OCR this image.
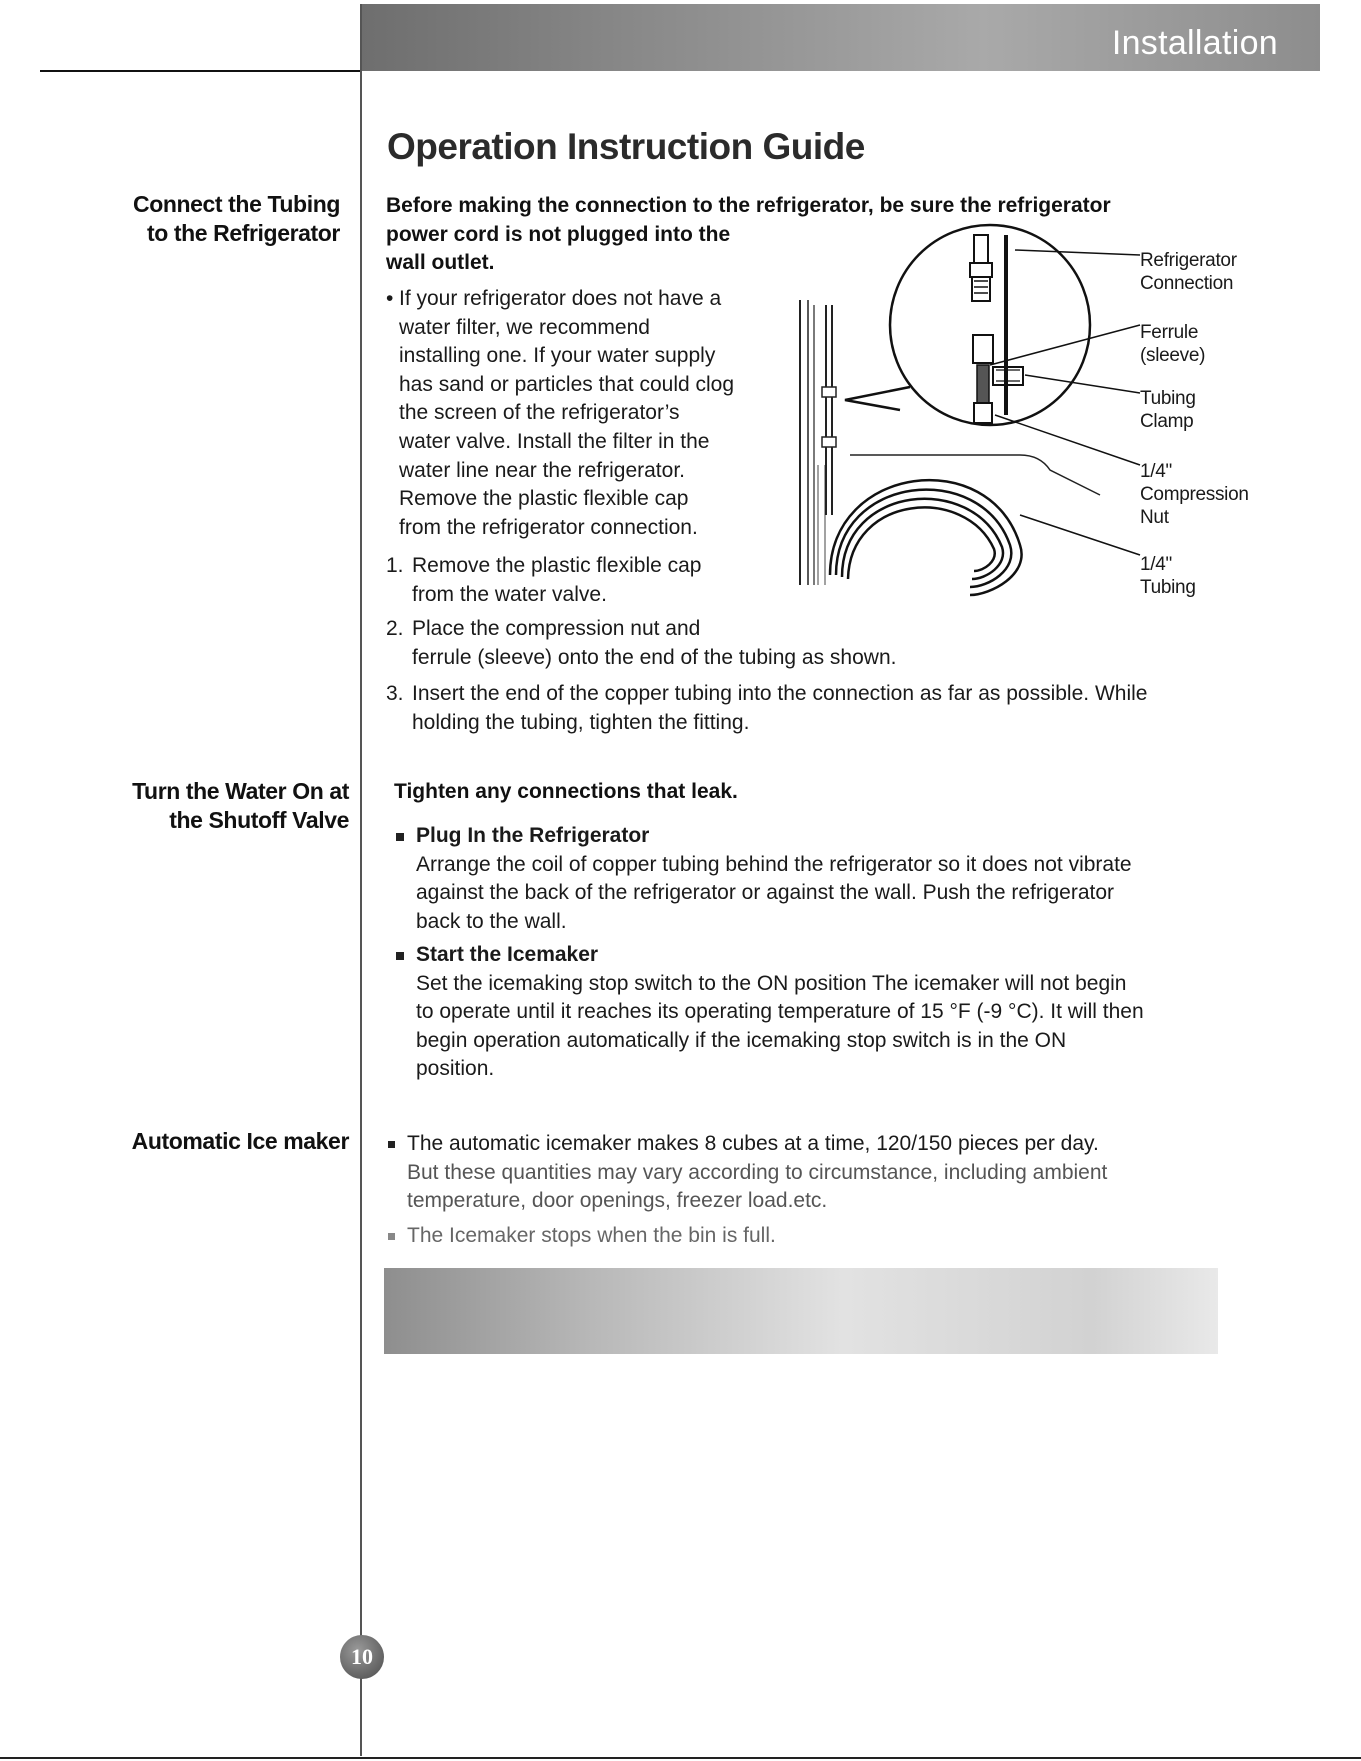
Installation
Operation Instruction Guide
Connect the Tubing
to the Refrigerator
Turn the Water On at
the Shutoff Valve
Automatic Ice maker
Before making the connection to the refrigerator, be sure the refrigerator

power cord is not plugged into the
wall outlet.
• If your refrigerator does not have a
water filter, we recommend
installing one. If your water supply
has sand or particles that could clog
the screen of the refrigerator’s
water valve. Install the filter in the
water line near the refrigerator.
Remove the plastic flexible cap
from the refrigerator connection.
1. Remove the plastic flexible cap
from the water valve.
2. Place the compression nut and
ferrule (sleeve) onto the end of the tubing as shown.
3. Insert the end of the copper tubing into the connection as far as possible. While
holding the tubing, tighten the fitting.
Refrigerator
Connection
Ferrule
(sleeve)
Tubing
Clamp
1/4"
Compression
Nut
1/4"
Tubing
Tighten any connections that leak.
Plug In the Refrigerator
Arrange the coil of copper tubing behind the refrigerator so it does not vibrate
against the back of the refrigerator or against the wall. Push the refrigerator
back to the wall.
Start the Icemaker
Set the icemaking stop switch to the ON position The icemaker will not begin
to operate until it reaches its operating temperature of 15 °F (-9 °C). It will then
begin operation automatically if the icemaking stop switch is in the ON
position.
The automatic icemaker makes 8 cubes at a time, 120/150 pieces per day.
But these quantities may vary according to circumstance, including ambient
temperature, door openings, freezer load.etc.
The Icemaker stops when the bin is full.
10
